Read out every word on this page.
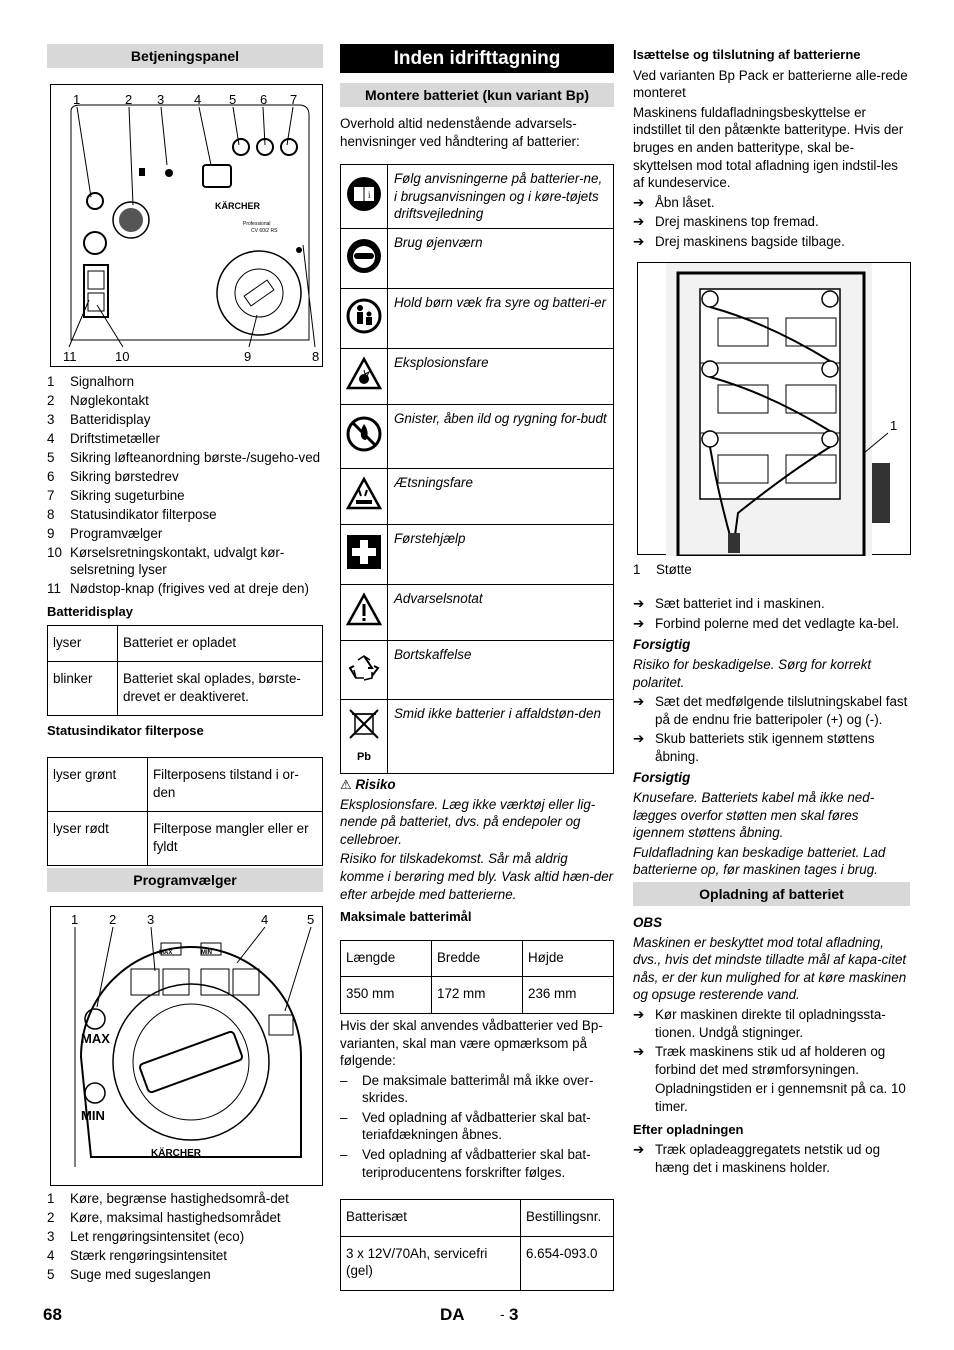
Betjeningspanel
1	2 3 4 5 6 7
11	10	9	8
KÄRCHER
Professional
CV 60/2 RS
1	Signalhorn
2	Nøglekontakt
3	Batteridisplay
4	Driftstimetæller
5	Sikring løfteanordning børste-/sugeho-ved
6	Sikring børstedrev
7	Sikring sugeturbine
8	Statusindikator filterpose
9	Programvælger
10 Kørselsretningskontakt, udvalgt kør-selsretning lyser
11 Nødstop-knap (frigives ved at dreje den)
Batteridisplay
lyser	Batteriet er opladet
blinker	Batteriet skal oplades, børste-drevet er deaktiveret.
Statusindikator filterpose
lyser grønt	Filterposens tilstand i or-den
lyser rødt	Filterpose mangler eller er fyldt
Programvælger
1 2 3	4	5
MAX
MIN
MAX	MIN
KÄRCHER
1	Køre, begrænse hastighedsområ-det
2	Køre, maksimal hastighedsområdet
3	Let rengøringsintensitet (eco)
4	Stærk rengøringsintensitet
5	Suge med sugeslangen
Inden idrifttagning
Montere batteriet (kun variant Bp)

Overhold altid nedenstående advarsels-henvisninger ved håndtering af batterier:

i	Følg anvisningerne på batterier-ne, i brugsanvisningen og i køre-tøjets driftsvejledning
	Brug øjenværn
	Hold børn væk fra syre og batteri-er
	Eksplosionsfare
	Gnister, åben ild og rygning for-budt
	Ætsningsfare
	Førstehjælp
	Advarselsnotat
	Bortskaffelse

Pb	Smid ikke batterier i affaldstøn-den

⚠ Risiko

Eksplosionsfare. Læg ikke værktøj eller lig-nende på batteriet, dvs. på endepoler og cellebroer.

Risiko for tilskadekomst. Sår må aldrig komme i berøring med bly. Vask altid hæn-der efter arbejde med batterierne.

Maksimale batterimål
Længde	Bredde	Højde
350 mm	172 mm	236 mm

Hvis der skal anvendes vådbatterier ved Bp-varianten, skal man være opmærksom på følgende:

–	De maksimale batterimål må ikke over-skrides.
–	Ved opladning af vådbatterier skal bat-teriafdækningen åbnes.
–	Ved opladning af vådbatterier skal bat-teriproducentens forskrifter følges.
Batterisæt	Bestillingsnr.
3 x 12V/70Ah, servicefri (gel)	6.654-093.0
Isættelse og tilslutning af batterierne

Ved varianten Bp Pack er batterierne alle-rede monteret

Maskinens fuldafladningsbeskyttelse er indstillet til den påtænkte batteritype. Hvis der bruges en anden batteritype, skal be-skyttelsen mod total afladning igen indstil-les af kundeservice.

➔ Åbn låset.
➔ Drej maskinens top fremad.
➔ Drej maskinens bagside tilbage.
1
1	Støtte
➔ Sæt batteriet ind i maskinen.
➔ Forbind polerne med det vedlagte ka-bel.

Forsigtig

Risiko for beskadigelse. Sørg for korrekt polaritet.

➔ Sæt det medfølgende tilslutningskabel fast på de endnu frie batteripoler (+) og (-).
➔ Skub batteriets stik igennem støttens åbning.

Forsigtig

Knusefare. Batteriets kabel må ikke ned-lægges overfor støtten men skal føres igennem støttens åbning.

Fuldafladning kan beskadige batteriet. Lad batterierne op, før maskinen tages i brug.

Opladning af batteriet

OBS

Maskinen er beskyttet mod total afladning, dvs., hvis det mindste tilladte mål af kapa-citet nås, er der kun mulighed for at køre maskinen og opsuge resterende vand.

➔ Kør maskinen direkte til opladningssta-tionen. Undgå stigninger.
➔ Træk maskinens stik ud af holderen og forbind det med strømforsyningen.

Opladningstiden er i gennemsnit på ca. 10 timer.

Efter opladningen
➔ Træk opladeaggregatets netstik ud og hæng det i maskinens holder.
68	DA	- 3
